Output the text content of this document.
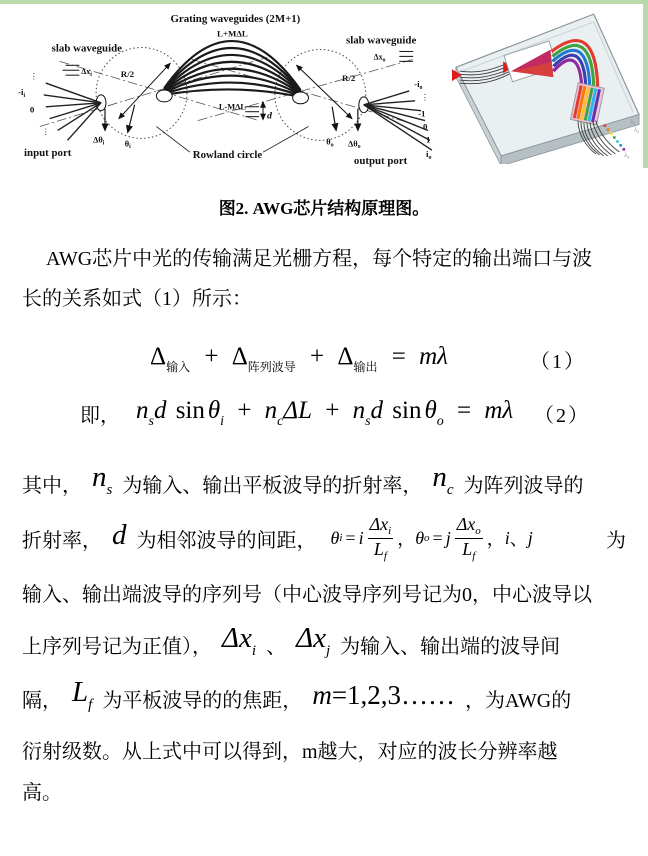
Grating waveguides (2M+1)
L+MΔL
L-MΔL
slab waveguide
slab waveguide
R/2	R/2
Rowland circle
input port
output port
$\Delta x_i$
$\Delta x_o$
$\Delta\theta_i$ $\theta_i$
$\theta_o$ $\Delta\theta_o$
d
⋮
$-i_i$
0
⋮
$-i_o$
⋮
-1
0
1
$i_o$
$\lambda_1$
$\lambda_2$
$\lambda_n$
图2. AWG芯片结构原理图。
AWG芯片中光的传输满足光栅方程，每个特定的输出端口与波
长的关系如式（1）所示：
$\Delta_{输入} + \Delta_{阵列波导} + \Delta_{输出} = m\lambda$	（1）
即， $n_sd$ $\sin \theta_i + n_c\Delta L + n_sd$ $\sin \theta_o = m\lambda$ （2）
其中， $n_s$ 为输入、输出平板波导的折射率， $n_c$ 为阵列波导的
折射率， d 为相邻波导的间距， θ i = i
$\Delta x_i$
$L_f$
， θ o = j
$\Delta x_o$
$L_f$
， i 、 j	为
输入、输出端波导的序列号（中心波导序列号记为0，中心波导以
上序列号记为正值）， $\Delta x_i$ 、 $\Delta x_j$ 为输入、输出端的波导间
隔， $L_f$ 为平板波导的的焦距， m=1,2,3…… ，为AWG的
衍射级数。从上式中可以得到，m越大，对应的波长分辨率越
高。
